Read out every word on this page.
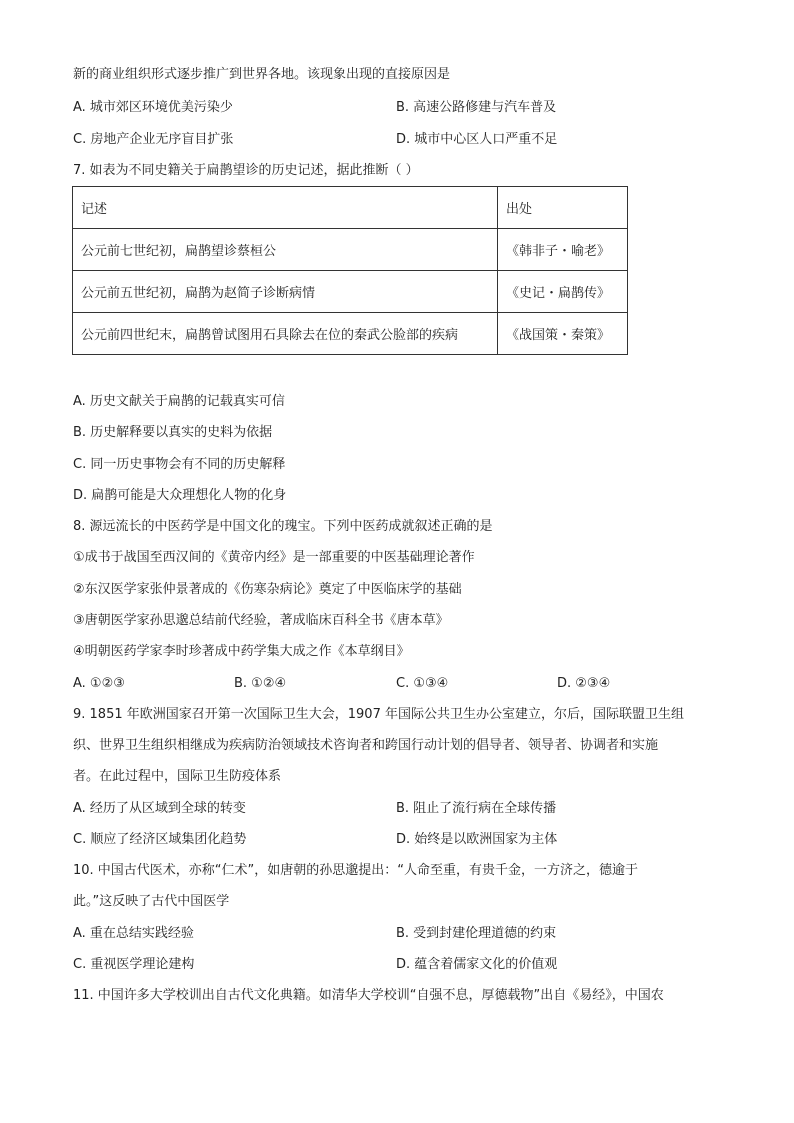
新的商业组织形式逐步推广到世界各地。该现象出现的直接原因是
A. 城市郊区环境优美污染少	B. 高速公路修建与汽车普及
C. 房地产企业无序盲目扩张	D. 城市中心区人口严重不足
7. 如表为不同史籍关于扁鹊望诊的历史记述，据此推断（ ）
记述	出处
公元前七世纪初，扁鹊望诊蔡桓公	《韩非子・喻老》
公元前五世纪初，扁鹊为赵简子诊断病情	《史记・扁鹊传》
公元前四世纪末，扁鹊曾试图用石具除去在位的秦武公脸部的疾病	《战国策・秦策》
A. 历史文献关于扁鹊的记载真实可信
B. 历史解释要以真实的史料为依据
C. 同一历史事物会有不同的历史解释
D. 扁鹊可能是大众理想化人物的化身
8. 源远流长的中医药学是中国文化的瑰宝。下列中医药成就叙述正确的是
①成书于战国至西汉间的《黄帝内经》是一部重要的中医基础理论著作
②东汉医学家张仲景著成的《伤寒杂病论》奠定了中医临床学的基础
③唐朝医学家孙思邈总结前代经验，著成临床百科全书《唐本草》
④明朝医药学家李时珍著成中药学集大成之作《本草纲目》
A. ①②③	B. ①②④	C. ①③④	D. ②③④
9. 1851 年欧洲国家召开第一次国际卫生大会，1907 年国际公共卫生办公室建立，尔后，国际联盟卫生组
织、世界卫生组织相继成为疾病防治领域技术咨询者和跨国行动计划的倡导者、领导者、协调者和实施
者。在此过程中，国际卫生防疫体系
A. 经历了从区域到全球的转变	B. 阻止了流行病在全球传播
C. 顺应了经济区域集团化趋势	D. 始终是以欧洲国家为主体
10. 中国古代医术，亦称“仁术”，如唐朝的孙思邈提出：“人命至重，有贵千金，一方济之，德逾于
此。”这反映了古代中国医学
A. 重在总结实践经验	B. 受到封建伦理道德的约束
C. 重视医学理论建构	D. 蕴含着儒家文化的价值观
11. 中国许多大学校训出自古代文化典籍。如清华大学校训“自强不息，厚德载物”出自《易经》，中国农
